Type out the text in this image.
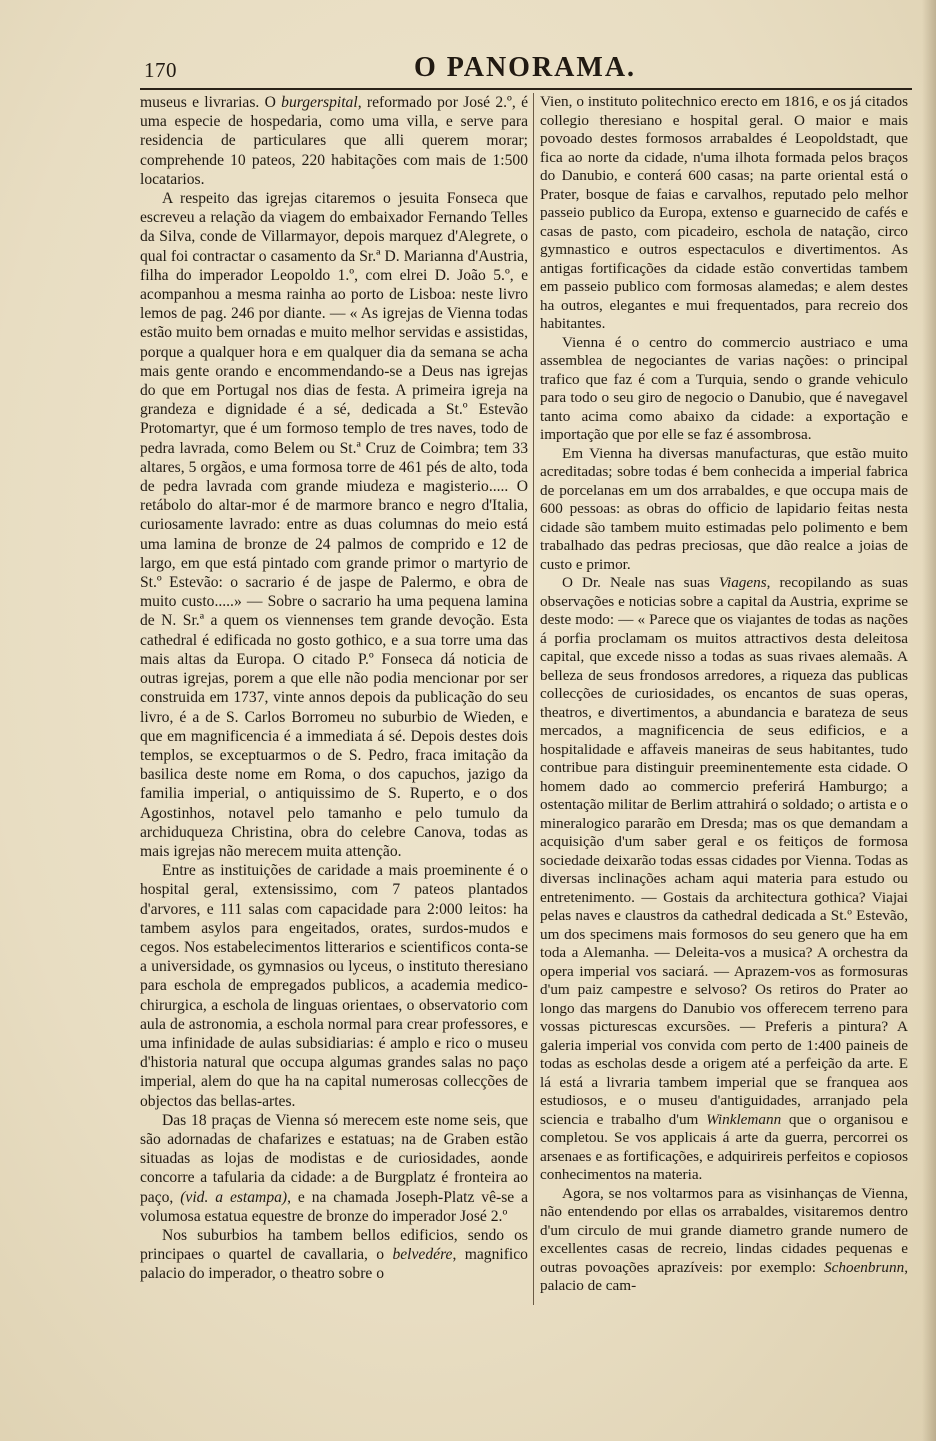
170	O PANORAMA.

museus e livrarias. O burgerspital, reformado por José 2.º, é uma especie de hospedaria, como uma villa, e serve para residencia de particulares que alli querem morar; comprehende 10 pateos, 220 habitações com mais de 1:500 locatarios.

A respeito das igrejas citaremos o jesuita Fonseca que escreveu a relação da viagem do embaixador Fernando Telles da Silva, conde de Villarmayor, depois marquez d'Alegrete, o qual foi contractar o casamento da Sr.ª D. Marianna d'Austria, filha do imperador Leopoldo 1.º, com elrei D. João 5.º, e acompanhou a mesma rainha ao porto de Lisboa: neste livro lemos de pag. 246 por diante. — « As igrejas de Vienna todas estão muito bem ornadas e muito melhor servidas e assistidas, porque a qualquer hora e em qualquer dia da semana se acha mais gente orando e encommendando-se a Deus nas igrejas do que em Portugal nos dias de festa. A primeira igreja na grandeza e dignidade é a sé, dedicada a St.º Estevão Protomartyr, que é um formoso templo de tres naves, todo de pedra lavrada, como Belem ou St.ª Cruz de Coimbra; tem 33 altares, 5 orgãos, e uma formosa torre de 461 pés de alto, toda de pedra lavrada com grande miudeza e magisterio..... O retábolo do altar-mor é de marmore branco e negro d'Italia, curiosamente lavrado: entre as duas columnas do meio está uma lamina de bronze de 24 palmos de comprido e 12 de largo, em que está pintado com grande primor o martyrio de St.º Estevão: o sacrario é de jaspe de Palermo, e obra de muito custo.....» — Sobre o sacrario ha uma pequena lamina de N. Sr.ª a quem os viennenses tem grande devoção. Esta cathedral é edificada no gosto gothico, e a sua torre uma das mais altas da Europa. O citado P.º Fonseca dá noticia de outras igrejas, porem a que elle não podia mencionar por ser construida em 1737, vinte annos depois da publicação do seu livro, é a de S. Carlos Borromeu no suburbio de Wieden, e que em magnificencia é a immediata á sé. Depois destes dois templos, se exceptuarmos o de S. Pedro, fraca imitação da basilica deste nome em Roma, o dos capuchos, jazigo da familia imperial, o antiquissimo de S. Ruperto, e o dos Agostinhos, notavel pelo tamanho e pelo tumulo da archiduqueza Christina, obra do celebre Canova, todas as mais igrejas não merecem muita attenção.

Entre as instituições de caridade a mais proeminente é o hospital geral, extensissimo, com 7 pateos plantados d'arvores, e 111 salas com capacidade para 2:000 leitos: ha tambem asylos para engeitados, orates, surdos-mudos e cegos. Nos estabelecimentos litterarios e scientificos conta-se a universidade, os gymnasios ou lyceus, o instituto theresiano para eschola de empregados publicos, a academia medico-chirurgica, a eschola de linguas orientaes, o observatorio com aula de astronomia, a eschola normal para crear professores, e uma infinidade de aulas subsidiarias: é amplo e rico o museu d'historia natural que occupa algumas grandes salas no paço imperial, alem do que ha na capital numerosas collecções de objectos das bellas-artes.

Das 18 praças de Vienna só merecem este nome seis, que são adornadas de chafarizes e estatuas; na de Graben estão situadas as lojas de modistas e de curiosidades, aonde concorre a tafularia da cidade: a de Burgplatz é fronteira ao paço, (vid. a estampa), e na chamada Joseph-Platz vê-se a volumosa estatua equestre de bronze do imperador José 2.º

Nos suburbios ha tambem bellos edificios, sendo os principaes o quartel de cavallaria, o belvedére, magnifico palacio do imperador, o theatro sobre o

Vien, o instituto politechnico erecto em 1816, e os já citados collegio theresiano e hospital geral. O maior e mais povoado destes formosos arrabaldes é Leopoldstadt, que fica ao norte da cidade, n'uma ilhota formada pelos braços do Danubio, e conterá 600 casas; na parte oriental está o Prater, bosque de faias e carvalhos, reputado pelo melhor passeio publico da Europa, extenso e guarnecido de cafés e casas de pasto, com picadeiro, eschola de natação, circo gymnastico e outros espectaculos e divertimentos. As antigas fortificações da cidade estão convertidas tambem em passeio publico com formosas alamedas; e alem destes ha outros, elegantes e mui frequentados, para recreio dos habitantes.

Vienna é o centro do commercio austriaco e uma assemblea de negociantes de varias nações: o principal trafico que faz é com a Turquia, sendo o grande vehiculo para todo o seu giro de negocio o Danubio, que é navegavel tanto acima como abaixo da cidade: a exportação e importação que por elle se faz é assombrosa.

Em Vienna ha diversas manufacturas, que estão muito acreditadas; sobre todas é bem conhecida a imperial fabrica de porcelanas em um dos arrabaldes, e que occupa mais de 600 pessoas: as obras do officio de lapidario feitas nesta cidade são tambem muito estimadas pelo polimento e bem trabalhado das pedras preciosas, que dão realce a joias de custo e primor.

O Dr. Neale nas suas Viagens, recopilando as suas observações e noticias sobre a capital da Austria, exprime se deste modo: — « Parece que os viajantes de todas as nações á porfia proclamam os muitos attractivos desta deleitosa capital, que excede nisso a todas as suas rivaes alemaãs. A belleza de seus frondosos arredores, a riqueza das publicas collecções de curiosidades, os encantos de suas operas, theatros, e divertimentos, a abundancia e barateza de seus mercados, a magnificencia de seus edificios, e a hospitalidade e affaveis maneiras de seus habitantes, tudo contribue para distinguir preeminentemente esta cidade. O homem dado ao commercio preferirá Hamburgo; a ostentação militar de Berlim attrahirá o soldado; o artista e o mineralogico pararão em Dresda; mas os que demandam a acquisição d'um saber geral e os feitiços de formosa sociedade deixarão todas essas cidades por Vienna. Todas as diversas inclinações acham aqui materia para estudo ou entretenimento. — Gostais da architectura gothica? Viajai pelas naves e claustros da cathedral dedicada a St.º Estevão, um dos specimens mais formosos do seu genero que ha em toda a Alemanha. — Deleita-vos a musica? A orchestra da opera imperial vos saciará. — Aprazem-vos as formosuras d'um paiz campestre e selvoso? Os retiros do Prater ao longo das margens do Danubio vos offerecem terreno para vossas picturescas excursões. — Preferis a pintura? A galeria imperial vos convida com perto de 1:400 paineis de todas as escholas desde a origem até a perfeição da arte. E lá está a livraria tambem imperial que se franquea aos estudiosos, e o museu d'antiguidades, arranjado pela sciencia e trabalho d'um Winklemann que o organisou e completou. Se vos applicais á arte da guerra, percorrei os arsenaes e as fortificações, e adquirireis perfeitos e copiosos conhecimentos na materia.

Agora, se nos voltarmos para as visinhanças de Vienna, não entendendo por ellas os arrabaldes, visitaremos dentro d'um circulo de mui grande diametro grande numero de excellentes casas de recreio, lindas cidades pequenas e outras povoações aprazíveis: por exemplo: Schoenbrunn, palacio de cam-
